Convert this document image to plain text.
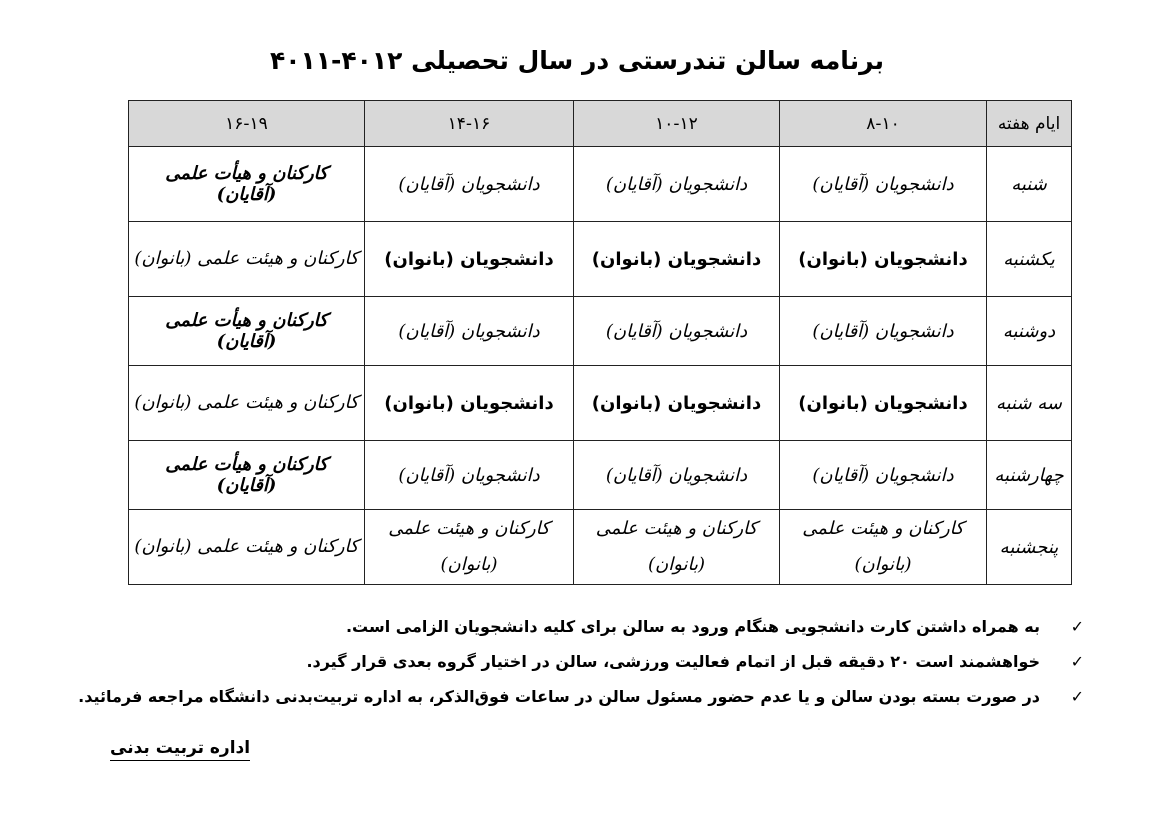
برنامه سالن تندرستی در سال تحصیلی ۴۰۱۲-۴۰۱۱
ایام هفته	۸-۱۰	۱۰-۱۲	۱۴-۱۶	۱۶-۱۹
شنبه	دانشجویان (آقایان)	دانشجویان (آقایان)	دانشجویان (آقایان)	کارکنان و هیأت علمی (آقایان)
یکشنبه	دانشجویان (بانوان)	دانشجویان (بانوان)	دانشجویان (بانوان)	کارکنان و هیئت علمی (بانوان)
دوشنبه	دانشجویان (آقایان)	دانشجویان (آقایان)	دانشجویان (آقایان)	کارکنان و هیأت علمی (آقایان)
سه شنبه	دانشجویان (بانوان)	دانشجویان (بانوان)	دانشجویان (بانوان)	کارکنان و هیئت علمی (بانوان)
چهارشنبه	دانشجویان (آقایان)	دانشجویان (آقایان)	دانشجویان (آقایان)	کارکنان و هیأت علمی (آقایان)
پنجشنبه	کارکنان و هیئت علمی (بانوان)	کارکنان و هیئت علمی (بانوان)	کارکنان و هیئت علمی (بانوان)	کارکنان و هیئت علمی (بانوان)
✓
به همراه داشتن کارت دانشجویی هنگام ورود به سالن برای کلیه دانشجویان الزامی است.
✓
خواهشمند است ۲۰ دقیقه قبل از اتمام فعالیت ورزشی، سالن در اختیار گروه بعدی قرار گیرد.
✓
در صورت بسته بودن سالن و یا عدم حضور مسئول سالن در ساعات فوق‌الذکر، به اداره تربیت‌بدنی دانشگاه مراجعه فرمائید.
اداره تربیت بدنی
